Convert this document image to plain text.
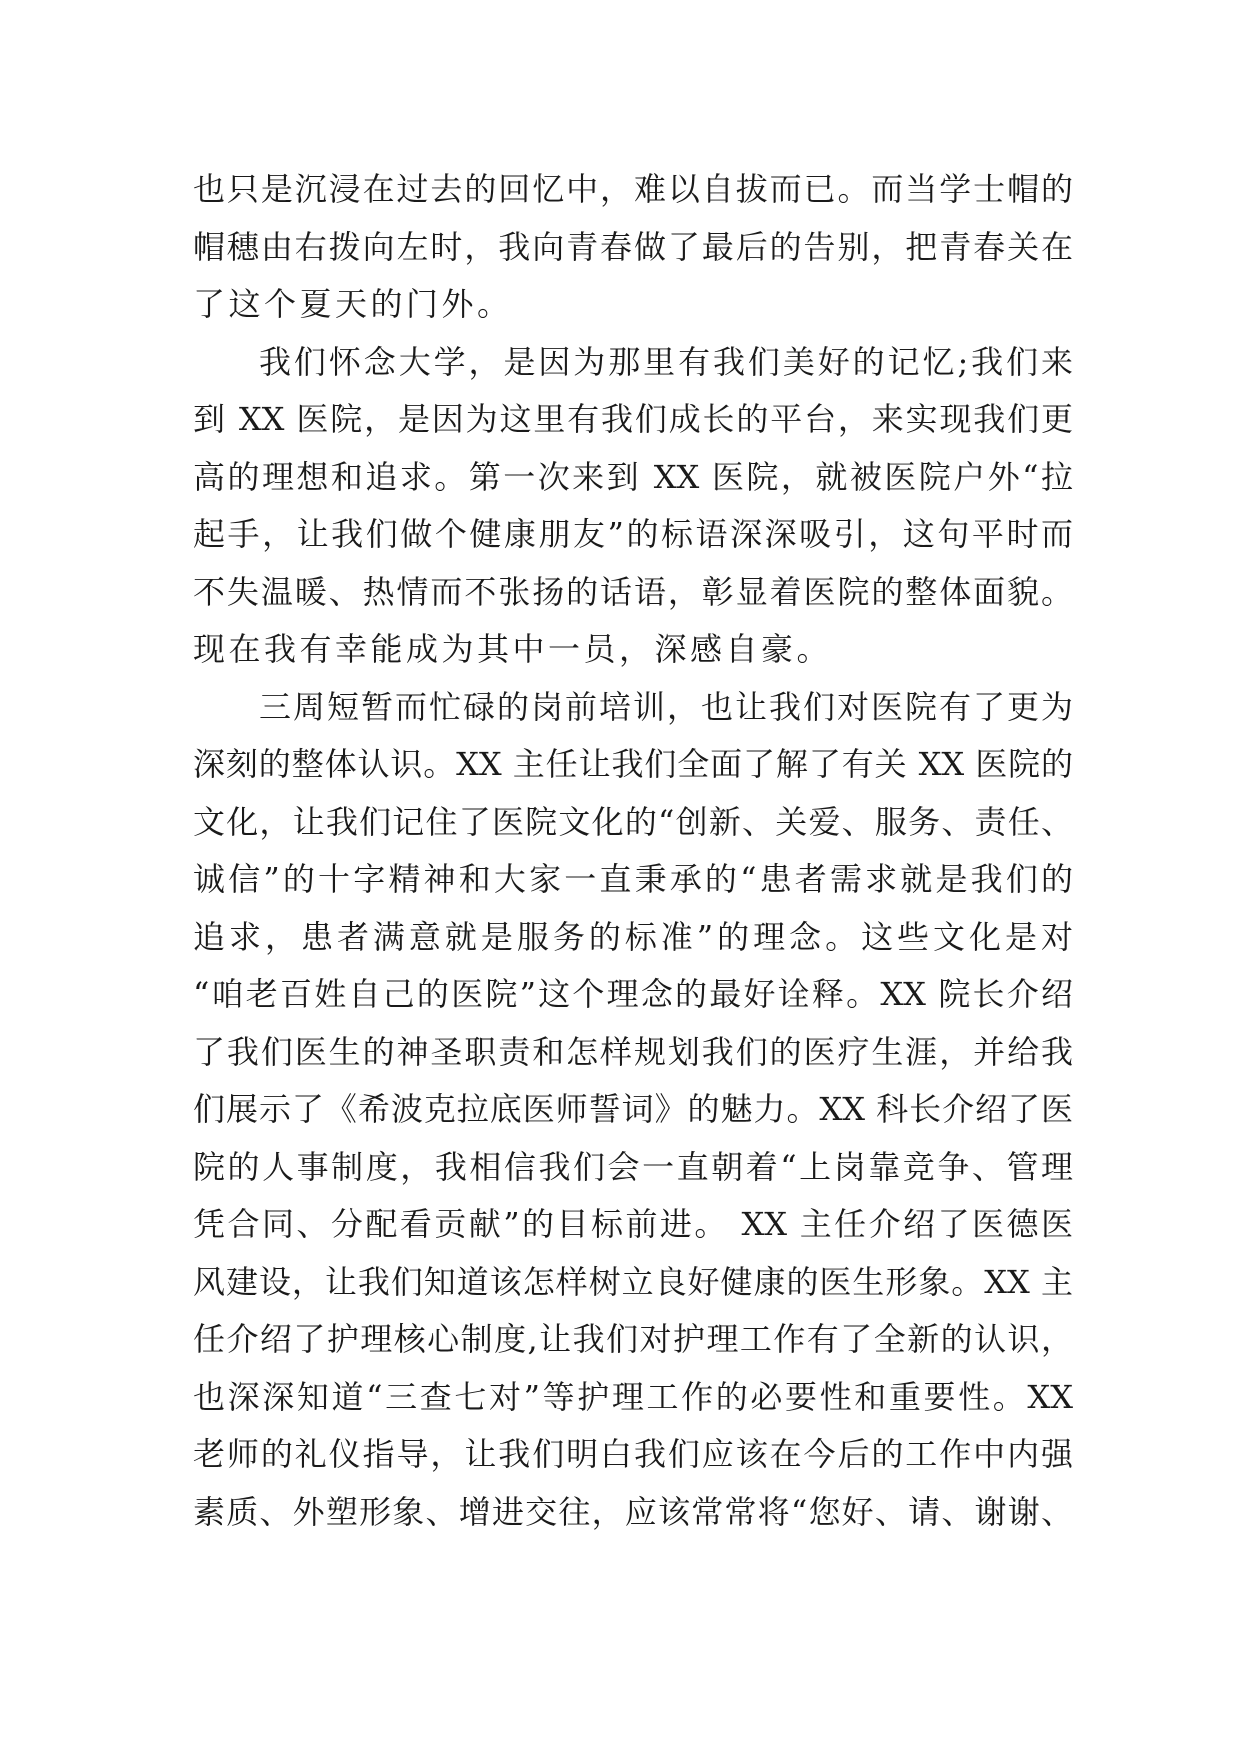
也只是沉浸在过去的回忆中，难以自拔而已。而当学士帽的
帽穗由右拨向左时，我向青春做了最后的告别，把青春关在
了这个夏天的门外。
我们怀念大学，是因为那里有我们美好的记忆;我们来
到 XX 医院，是因为这里有我们成长的平台，来实现我们更
高的理想和追求。第一次来到 XX 医院，就被医院户外“拉
起手，让我们做个健康朋友”的标语深深吸引，这句平时而
不失温暖、热情而不张扬的话语，彰显着医院的整体面貌。
现在我有幸能成为其中一员，深感自豪。
三周短暂而忙碌的岗前培训，也让我们对医院有了更为
深刻的整体认识。XX 主任让我们全面了解了有关 XX 医院的
文化，让我们记住了医院文化的“创新、关爱、服务、责任、
诚信”的十字精神和大家一直秉承的“患者需求就是我们的
追求，患者满意就是服务的标准”的理念。这些文化是对
“咱老百姓自己的医院”这个理念的最好诠释。XX 院长介绍
了我们医生的神圣职责和怎样规划我们的医疗生涯，并给我
们展示了《希波克拉底医师誓词》的魅力。XX 科长介绍了医
院的人事制度，我相信我们会一直朝着“上岗靠竞争、管理
凭合同、分配看贡献”的目标前进。 XX 主任介绍了医德医
风建设，让我们知道该怎样树立良好健康的医生形象。XX 主
任介绍了护理核心制度,让我们对护理工作有了全新的认识，
也深深知道“三查七对”等护理工作的必要性和重要性。XX
老师的礼仪指导，让我们明白我们应该在今后的工作中内强
素质、外塑形象、增进交往，应该常常将“您好、请、谢谢、
